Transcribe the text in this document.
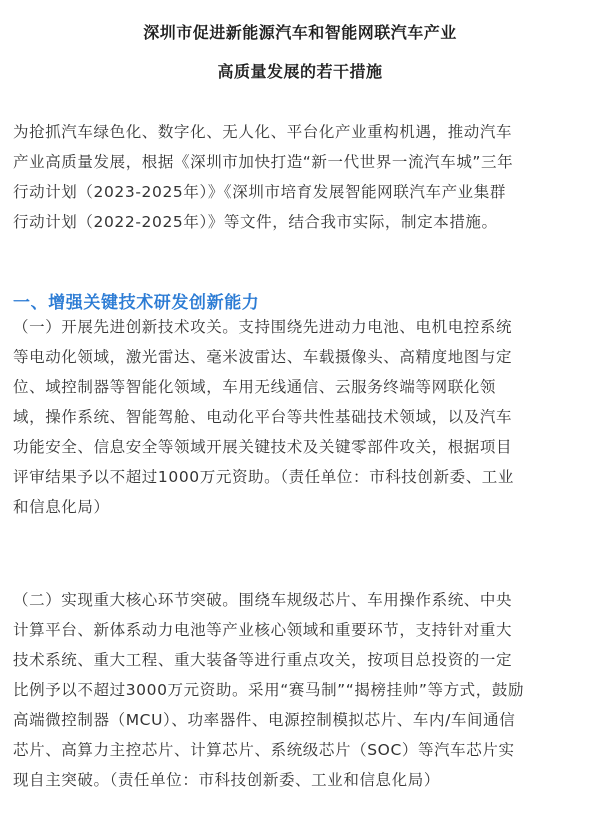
深圳市促进新能源汽车和智能网联汽车产业
高质量发展的若干措施
为抢抓汽车绿色化、数字化、无人化、平台化产业重构机遇，推动汽车
产业高质量发展，根据《深圳市加快打造“新一代世界一流汽车城”三年
行动计划（2023-2025年）》《深圳市培育发展智能网联汽车产业集群
行动计划（2022-2025年）》等文件，结合我市实际，制定本措施。
一、增强关键技术研发创新能力
（一）开展先进创新技术攻关。支持围绕先进动力电池、电机电控系统
等电动化领域，激光雷达、毫米波雷达、车载摄像头、高精度地图与定
位、域控制器等智能化领域，车用无线通信、云服务终端等网联化领
域，操作系统、智能驾舱、电动化平台等共性基础技术领域，以及汽车
功能安全、信息安全等领域开展关键技术及关键零部件攻关，根据项目
评审结果予以不超过1000万元资助。（责任单位：市科技创新委、工业
和信息化局）
（二）实现重大核心环节突破。围绕车规级芯片、车用操作系统、中央
计算平台、新体系动力电池等产业核心领域和重要环节，支持针对重大
技术系统、重大工程、重大装备等进行重点攻关，按项目总投资的一定
比例予以不超过3000万元资助。采用“赛马制”“揭榜挂帅”等方式，鼓励
高端微控制器（MCU）、功率器件、电源控制模拟芯片、车内/车间通信
芯片、高算力主控芯片、计算芯片、系统级芯片（SOC）等汽车芯片实
现自主突破。（责任单位：市科技创新委、工业和信息化局）
